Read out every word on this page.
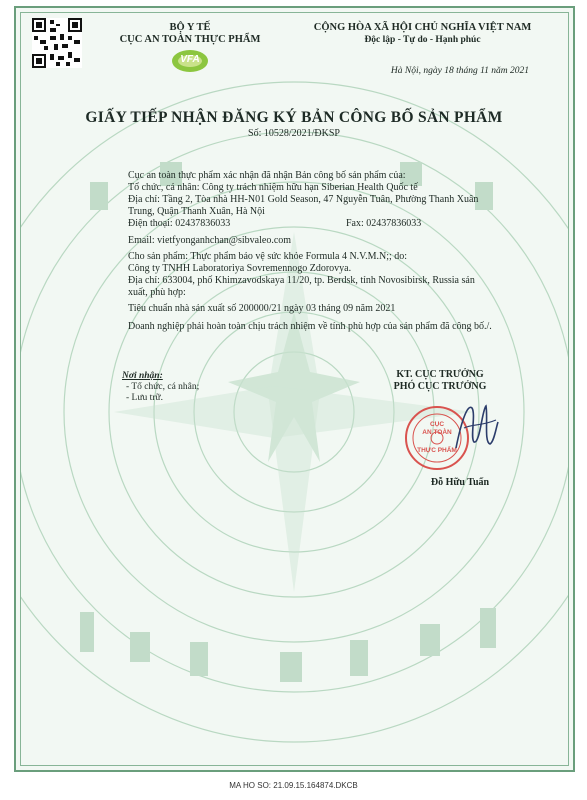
BỘ Y TẾ
CỤC AN TOÀN THỰC PHẨM
VFA
CỘNG HÒA XÃ HỘI CHỦ NGHĨA VIỆT NAM
Độc lập - Tự do - Hạnh phúc
Hà Nội, ngày 18 tháng 11 năm 2021
GIẤY TIẾP NHẬN ĐĂNG KÝ BẢN CÔNG BỐ SẢN PHẨM
Số: 10528/2021/ĐKSP
Cục an toàn thực phẩm xác nhận đã nhận Bản công bố sản phẩm của:
Tổ chức, cá nhân: Công ty trách nhiệm hữu hạn Siberian Health Quốc tế
Địa chỉ: Tầng 2, Tòa nhà HH-N01 Gold Season, 47 Nguyễn Tuân, Phường Thanh Xuân
Trung, Quận Thanh Xuân, Hà Nội
Điện thoại: 02437836033	Fax: 02437836033
Email: vietfyonganhchan@sibvaleo.com
Cho sản phẩm: Thực phẩm bảo vệ sức khỏe Formula 4 N.V.M.N;; do:
Công ty TNHH Laboratoriya Sovremennogo Zdorovya.
Địa chỉ: 633004, phố Khimzavodskaya 11/20, tp. Berdsk, tỉnh Novosibirsk, Russia sản
xuất, phù hợp:
Tiêu chuẩn nhà sản xuất số 200000/21 ngày 03 tháng 09 năm 2021
Doanh nghiệp phải hoàn toàn chịu trách nhiệm về tính phù hợp của sản phẩm đã công bố./.
Nơi nhận:
- Tổ chức, cá nhân;
- Lưu trữ.
KT. CỤC TRƯỞNG
PHÓ CỤC TRƯỞNG
CỤC
AN TOÀN
THỰC PHẨM
Đỗ Hữu Tuấn
MA HO SO: 21.09.15.164874.DKCB
